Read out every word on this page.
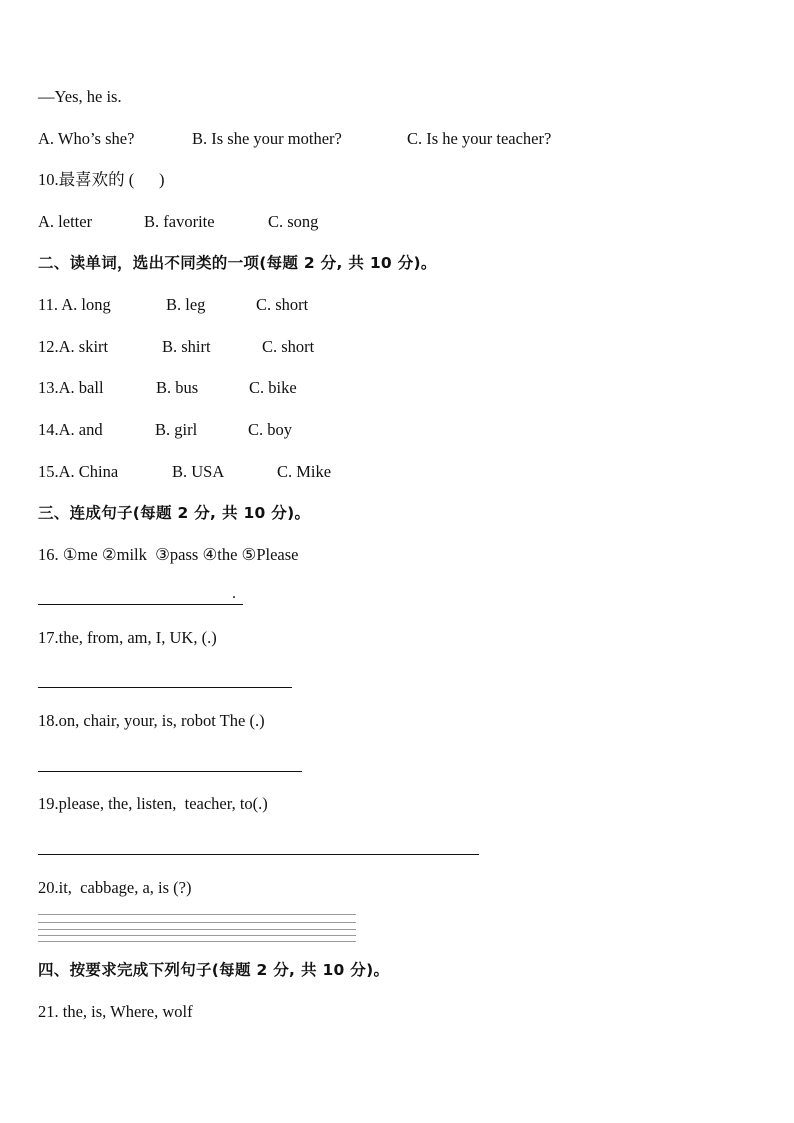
—Yes, he is.

A. Who’s she?

	B. Is she your mother?

	C. Is he your teacher?

10.最喜欢的 (      )

A. letter

	B. favorite

	C. song

二、读单词，选出不同类的一项(每题 2 分, 共 10 分)。

11. A. long

	B. leg

	C. short

12.A. skirt

	B. shirt

	C. short

13.A. ball

	B. bus

	C. bike

14.A. and

	B. girl

	C. boy

15.A. China

	B. USA

	C. Mike

三、连成句子(每题 2 分, 共 10 分)。
16. ①me ②milk  ③pass ④the ⑤Please
.
17.the, from, am, I, UK, (.)
18.on, chair, your, is, robot The (.)
19.please, the, listen,  teacher, to(.)
20.it,  cabbage, a, is (?)
四、按要求完成下列句子(每题 2 分, 共 10 分)。
21. the, is, Where, wolf
